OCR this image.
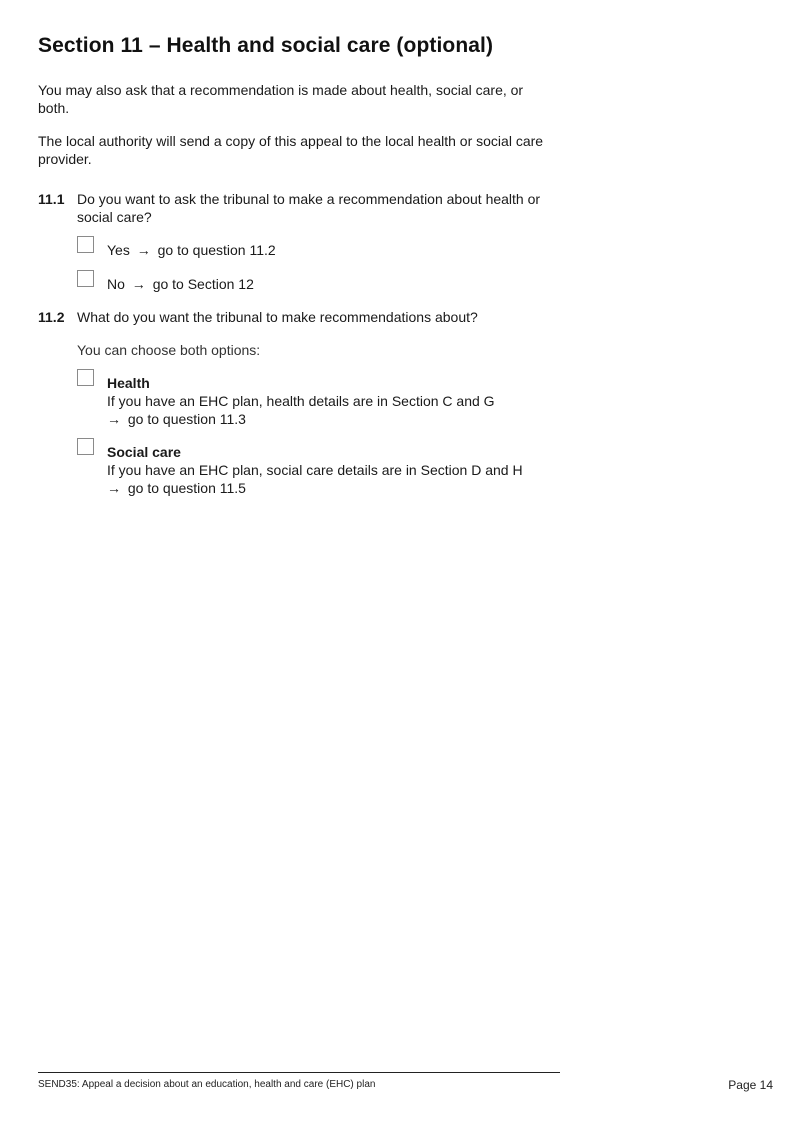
Section 11 – Health and social care (optional)

You may also ask that a recommendation is made about health, social care, or both.

The local authority will send a copy of this appeal to the local health or social care provider.

11.1 Do you want to ask the tribunal to make a recommendation about health or social care?
Yes → go to question 11.2
No → go to Section 12
11.2 What do you want the tribunal to make recommendations about?
You can choose both options:
Health
If you have an EHC plan, health details are in Section C and G
→ go to question 11.3
Social care
If you have an EHC plan, social care details are in Section D and H
→ go to question 11.5
SEND35: Appeal a decision about an education, health and care (EHC) plan	Page 14
